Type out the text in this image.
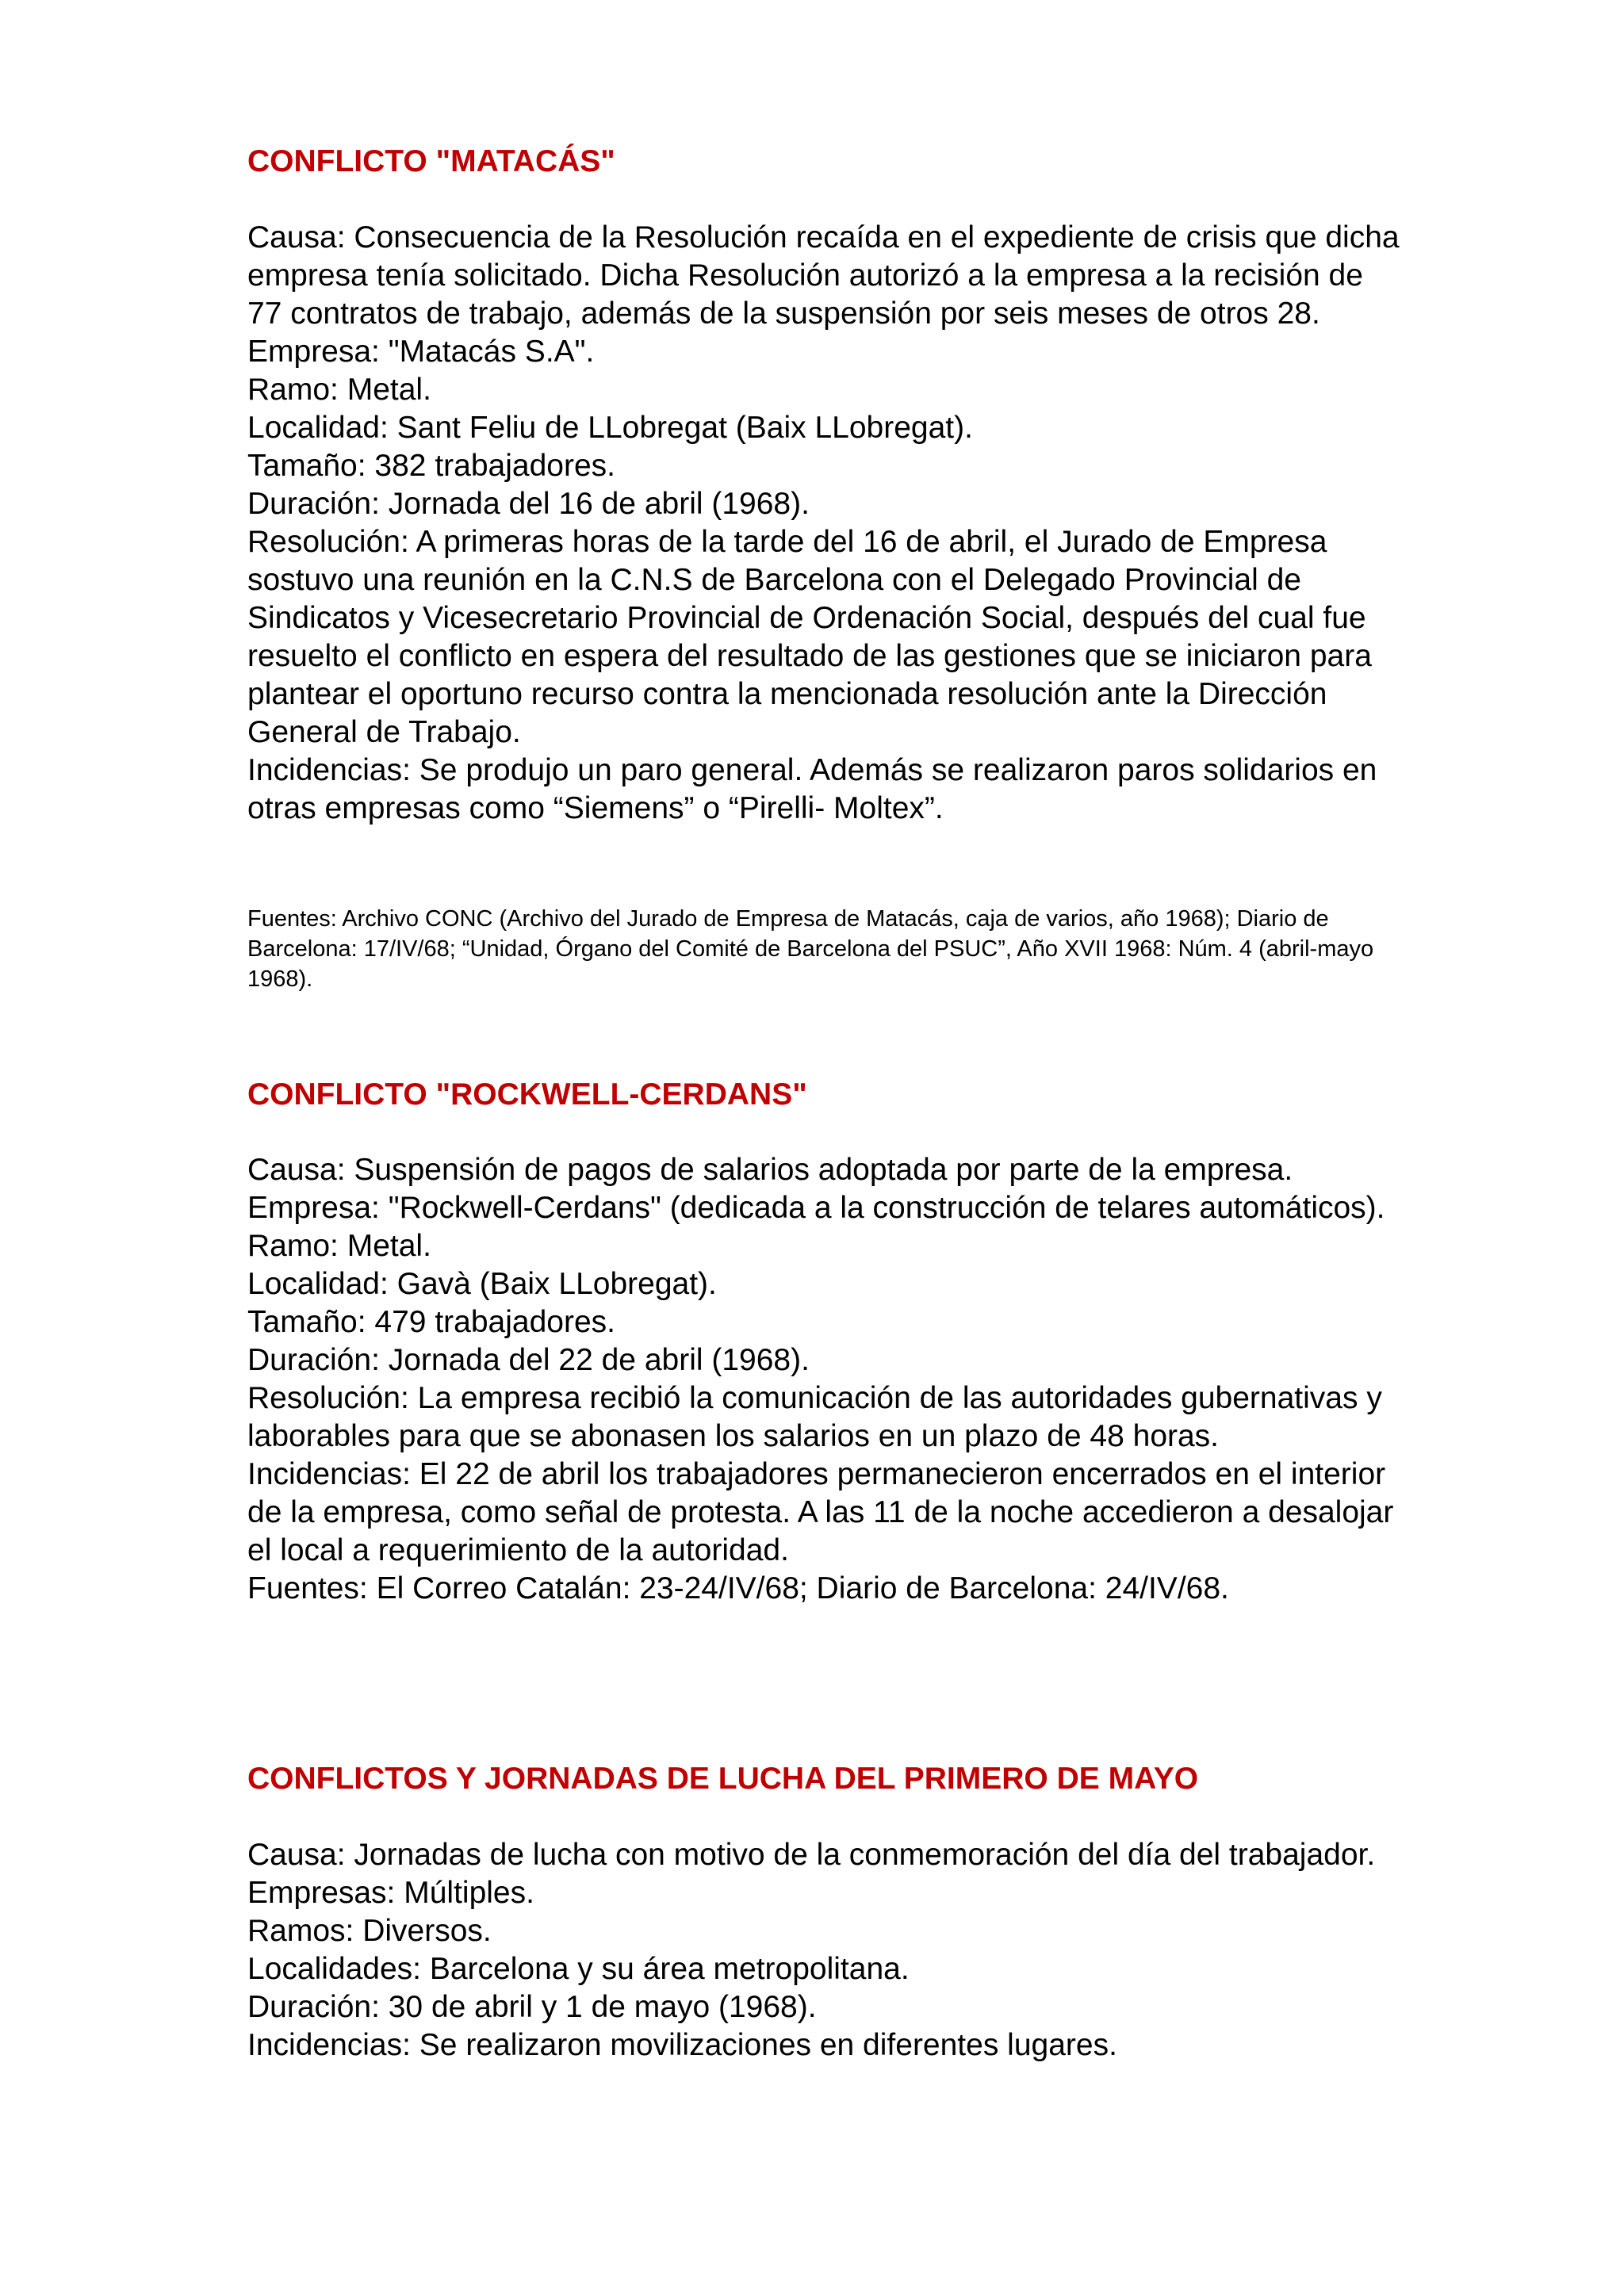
CONFLICTO "MATACÁS"

Causa: Consecuencia de la Resolución recaída en el expediente de crisis que dicha empresa tenía solicitado. Dicha Resolución autorizó a la empresa a la recisión de 77 contratos de trabajo, además de la suspensión por seis meses de otros 28.

Empresa: "Matacás S.A".

Ramo: Metal.

Localidad: Sant Feliu de LLobregat (Baix LLobregat).

Tamaño: 382 trabajadores.

Duración: Jornada del 16 de abril (1968).

Resolución: A primeras horas de la tarde del 16 de abril, el Jurado de Empresa sostuvo una reunión en la C.N.S de Barcelona con el Delegado Provincial de Sindicatos y Vicesecretario Provincial de Ordenación Social, después del cual fue resuelto el conflicto en espera del resultado de las gestiones que se iniciaron para plantear el oportuno recurso contra la mencionada resolución ante la Dirección General de Trabajo.

Incidencias: Se produjo un paro general. Además se realizaron paros solidarios en otras empresas como “Siemens” o “Pirelli- Moltex”.

Fuentes: Archivo CONC (Archivo del Jurado de Empresa de Matacás, caja de varios, año 1968); Diario de Barcelona: 17/IV/68; “Unidad, Órgano del Comité de Barcelona del PSUC”, Año XVII 1968: Núm. 4 (abril-mayo 1968).

CONFLICTO "ROCKWELL-CERDANS"

Causa: Suspensión de pagos de salarios adoptada por parte de la empresa.

Empresa: "Rockwell-Cerdans" (dedicada a la construcción de telares automáticos).

Ramo: Metal.

Localidad: Gavà (Baix LLobregat).

Tamaño: 479 trabajadores.

Duración: Jornada del 22 de abril (1968).

Resolución: La empresa recibió la comunicación de las autoridades gubernativas y laborables para que se abonasen los salarios en un plazo de 48 horas.

Incidencias: El 22 de abril los trabajadores permanecieron encerrados en el interior de la empresa, como señal de protesta. A las 11 de la noche accedieron a desalojar el local a requerimiento de la autoridad.

Fuentes: El Correo Catalán: 23-24/IV/68; Diario de Barcelona: 24/IV/68.

CONFLICTOS Y JORNADAS DE LUCHA DEL PRIMERO DE MAYO

Causa: Jornadas de lucha con motivo de la conmemoración del día del trabajador.

Empresas: Múltiples.

Ramos: Diversos.

Localidades: Barcelona y su área metropolitana.

Duración: 30 de abril y 1 de mayo (1968).

Incidencias: Se realizaron movilizaciones en diferentes lugares.
